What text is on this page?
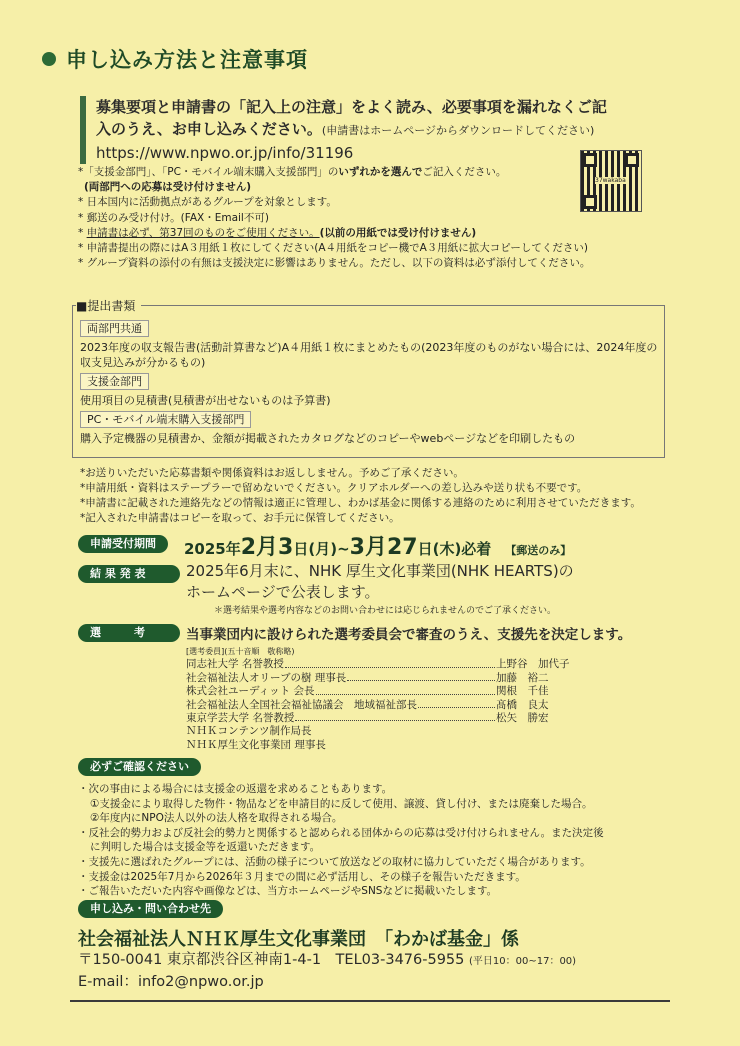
申し込み方法と注意事項
募集要項と申請書の「記入上の注意」をよく読み、必要事項を漏れなくご記
入のうえ、お申し込みください。(申請書はホームページからダウンロードしてください)
https://www.npwo.or.jp/info/31196
37wakaba
*「支援金部門」、「PC・モバイル端末購入支援部門」のいずれかを選んでご記入ください。
(両部門への応募は受け付けません)
* 日本国内に活動拠点があるグループを対象とします。
* 郵送のみ受け付け。(FAX・Email不可)
* 申請書は必ず、第37回のものをご使用ください。(以前の用紙では受け付けません)
* 申請書提出の際にはA３用紙１枚にしてください(A４用紙をコピー機でA３用紙に拡大コピーしてください)
* グループ資料の添付の有無は支援決定に影響はありません。ただし、以下の資料は必ず添付してください。
■提出書類
両部門共通
2023年度の収支報告書(活動計算書など)A４用紙１枚にまとめたもの(2023年度のものがない場合には、2024年度の収支見込みが分かるもの)
支援金部門
使用項目の見積書(見積書が出せないものは予算書)
PC・モバイル端末購入支援部門
購入予定機器の見積書か、金額が掲載されたカタログなどのコピーやwebページなどを印刷したもの
*お送りいただいた応募書類や関係資料はお返ししません。予めご了承ください。
*申請用紙・資料はステープラーで留めないでください。クリアホルダーへの差し込みや送り状も不要です。
*申請書に記載された連絡先などの情報は適正に管理し、わかば基金に関係する連絡のために利用させていただきます。
*記入された申請書はコピーを取って、お手元に保管してください。
申請受付期間	2025年2月3日(月)~3月27日(木)必着 【郵送のみ】
結 果 発 表	2025年6月末に、NHK 厚生文化事業団(NHK HEARTS)の
ホームページで公表します。
＊選考結果や選考内容などのお問い合わせには応じられませんのでご了承ください。
選　　　考	当事業団内に設けられた選考委員会で審査のうえ、支援先を決定します。
[選考委員](五十音順　敬称略)
同志社大学 名誉教授	上野谷　加代子
社会福祉法人オリーブの樹 理事長	加藤　裕二
株式会社ユーディット 会長	関根　千佳
社会福祉法人全国社会福祉協議会　地域福祉部長	髙橋　良太
東京学芸大学 名誉教授	松矢　勝宏
ＮＨＫコンテンツ制作局長
ＮＨＫ厚生文化事業団 理事長
必ずご確認ください
・次の事由による場合には支援金の返還を求めることもあります。
①支援金により取得した物件・物品などを申請目的に反して使用、譲渡、貸し付け、または廃棄した場合。
②年度内にNPO法人以外の法人格を取得される場合。
・反社会的勢力および反社会的勢力と関係すると認められる団体からの応募は受け付けられません。また決定後
に判明した場合は支援金等を返還いただきます。
・支援先に選ばれたグループには、活動の様子について放送などの取材に協力していただく場合があります。
・支援金は2025年7月から2026年３月までの間に必ず活用し、その様子を報告いただきます。
・ご報告いただいた内容や画像などは、当方ホームページやSNSなどに掲載いたします。
申し込み・問い合わせ先
社会福祉法人ＮＨＫ厚生文化事業団　「わかば基金」係
〒150-0041 東京都渋谷区神南1-4-1　TEL03-3476-5955 (平日10：00~17：00)
E-mail：info2@npwo.or.jp
